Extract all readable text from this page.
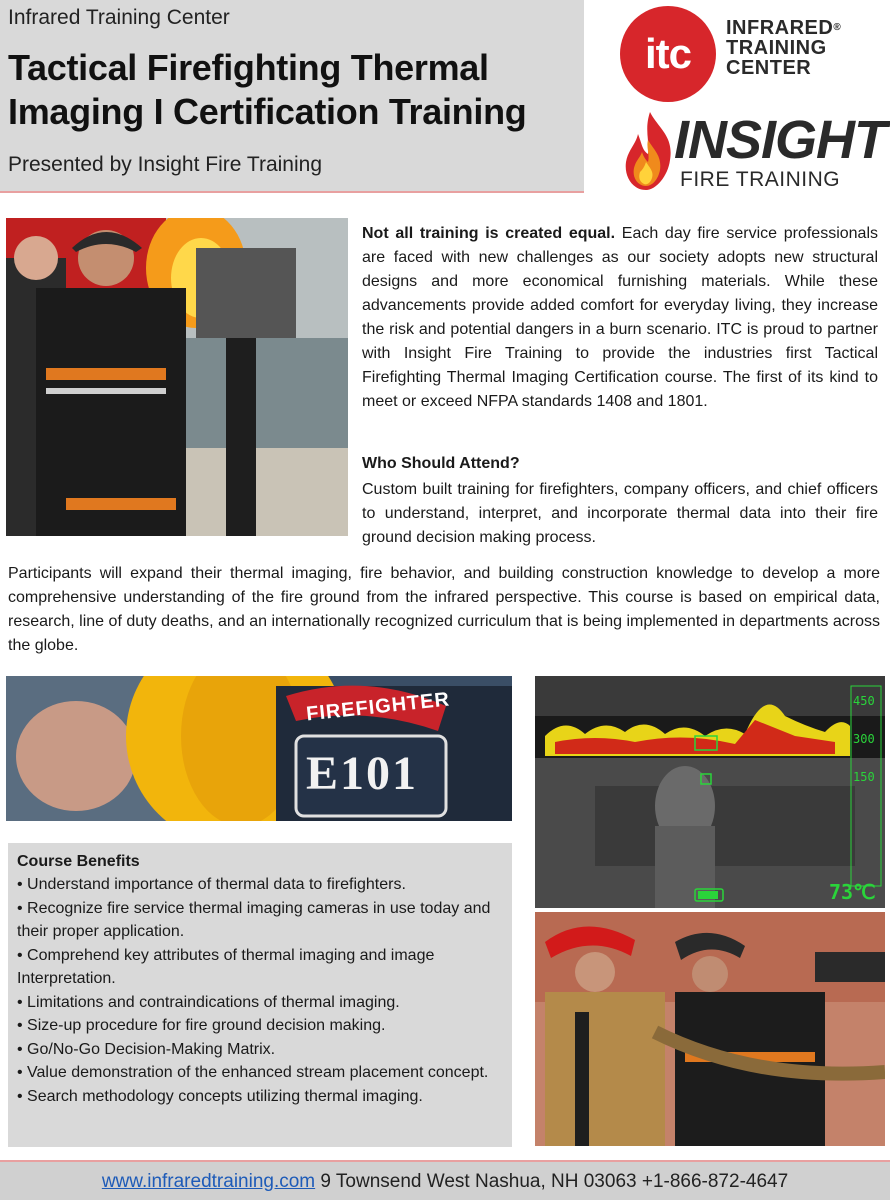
Infrared Training Center
Tactical Firefighting Thermal Imaging I Certification Training
Presented by Insight Fire Training
itc
INFRARED®
TRAINING
CENTER
INSIGHT
FIRE TRAINING
Not all training is created equal. Each day fire service professionals are faced with new challenges as our society adopts new structural designs and more economical furnishing materials. While these advancements provide added comfort for everyday living, they increase the risk and potential dangers in a burn scenario. ITC is proud to partner with Insight Fire Training to provide the industries first Tactical Firefighting Thermal Imaging Certification course. The first of its kind to meet or exceed NFPA standards 1408 and 1801.
Who Should Attend?
Custom built training for firefighters, company officers, and chief officers to understand, interpret, and incorporate thermal data into their fire ground decision making process.
Participants will expand their thermal imaging, fire behavior, and building construction knowledge to develop a more comprehensive understanding of the fire ground from the infrared perspective. This course is based on empirical data, research, line of duty deaths, and an internationally recognized curriculum that is being implemented in departments across the globe.
FIREFIGHTER
E101
450
300
150
73℃
Course Benefits
• Understand importance of thermal data to firefighters.
• Recognize fire service thermal imaging cameras in use today and their proper application.
• Comprehend key attributes of thermal imaging and image Interpretation.
• Limitations and contraindications of thermal imaging.
• Size-up procedure for fire ground decision making.
• Go/No-Go Decision-Making Matrix.
• Value demonstration of the enhanced stream placement concept.
• Search methodology concepts utilizing thermal imaging.
www.infraredtraining.com 9 Townsend West Nashua, NH 03063 +1-866-872-4647
